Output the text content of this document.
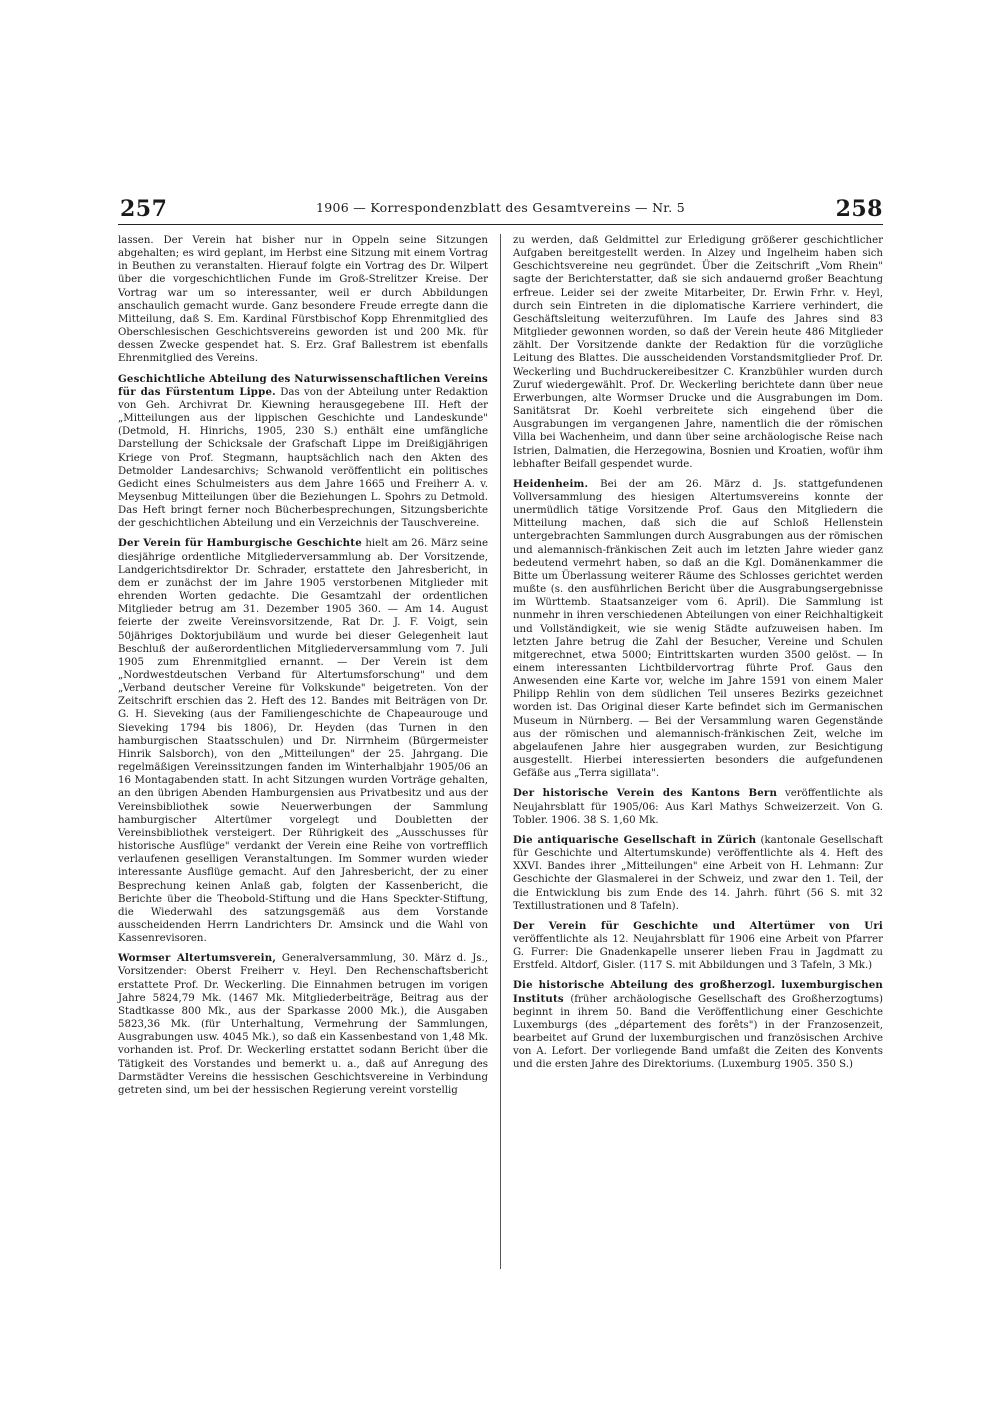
257	1906 — Korrespondenzblatt des Gesamtvereins — Nr. 5	258

lassen. Der Verein hat bisher nur in Oppeln seine Sitzungen abgehalten; es wird geplant, im Herbst eine Sitzung mit einem Vortrag in Beuthen zu veranstalten. Hierauf folgte ein Vortrag des Dr. Wilpert über die vorgeschichtlichen Funde im Groß-Strelitzer Kreise. Der Vortrag war um so interessanter, weil er durch Abbildungen anschaulich gemacht wurde. Ganz besondere Freude erregte dann die Mitteilung, daß S. Em. Kardinal Fürstbischof Kopp Ehrenmitglied des Oberschlesischen Geschichtsvereins geworden ist und 200 Mk. für dessen Zwecke gespendet hat. S. Erz. Graf Ballestrem ist ebenfalls Ehrenmitglied des Vereins.

Geschichtliche Abteilung des Naturwissenschaftlichen Vereins für das Fürstentum Lippe. Das von der Abteilung unter Redaktion von Geh. Archivrat Dr. Kiewning herausgegebene III. Heft der „Mitteilungen aus der lippischen Geschichte und Landeskunde" (Detmold, H. Hinrichs, 1905, 230 S.) enthält eine umfängliche Darstellung der Schicksale der Grafschaft Lippe im Dreißigjährigen Kriege von Prof. Stegmann, hauptsächlich nach den Akten des Detmolder Landesarchivs; Schwanold veröffentlicht ein politisches Gedicht eines Schulmeisters aus dem Jahre 1665 und Freiherr A. v. Meysenbug Mitteilungen über die Beziehungen L. Spohrs zu Detmold. Das Heft bringt ferner noch Bücherbesprechungen, Sitzungsberichte der geschichtlichen Abteilung und ein Verzeichnis der Tauschvereine.

Der Verein für Hamburgische Geschichte hielt am 26. März seine diesjährige ordentliche Mitgliederversammlung ab. Der Vorsitzende, Landgerichtsdirektor Dr. Schrader, erstattete den Jahresbericht, in dem er zunächst der im Jahre 1905 verstorbenen Mitglieder mit ehrenden Worten gedachte. Die Gesamtzahl der ordentlichen Mitglieder betrug am 31. Dezember 1905 360. — Am 14. August feierte der zweite Vereinsvorsitzende, Rat Dr. J. F. Voigt, sein 50jähriges Doktorjubiläum und wurde bei dieser Gelegenheit laut Beschluß der außerordentlichen Mitgliederversammlung vom 7. Juli 1905 zum Ehrenmitglied ernannt. — Der Verein ist dem „Nordwestdeutschen Verband für Altertumsforschung" und dem „Verband deutscher Vereine für Volkskunde" beigetreten. Von der Zeitschrift erschien das 2. Heft des 12. Bandes mit Beiträgen von Dr. G. H. Sieveking (aus der Familiengeschichte de Chapeaurouge und Sieveking 1794 bis 1806), Dr. Heyden (das Turnen in den hamburgischen Staatsschulen) und Dr. Nirrnheim (Bürgermeister Hinrik Salsborch), von den „Mitteilungen" der 25. Jahrgang. Die regelmäßigen Vereinssitzungen fanden im Winterhalbjahr 1905/06 an 16 Montagabenden statt. In acht Sitzungen wurden Vorträge gehalten, an den übrigen Abenden Hamburgensien aus Privatbesitz und aus der Vereinsbibliothek sowie Neuerwerbungen der Sammlung hamburgischer Altertümer vorgelegt und Doubletten der Vereinsbibliothek versteigert. Der Rührigkeit des „Ausschusses für historische Ausflüge" verdankt der Verein eine Reihe von vortrefflich verlaufenen geselligen Veranstaltungen. Im Sommer wurden wieder interessante Ausflüge gemacht. Auf den Jahresbericht, der zu einer Besprechung keinen Anlaß gab, folgten der Kassenbericht, die Berichte über die Theobold-Stiftung und die Hans Speckter-Stiftung, die Wiederwahl des satzungsgemäß aus dem Vorstande ausscheidenden Herrn Landrichters Dr. Amsinck und die Wahl von Kassenrevisoren.

Wormser Altertumsverein, Generalversammlung, 30. März d. Js., Vorsitzender: Oberst Freiherr v. Heyl. Den Rechenschaftsbericht erstattete Prof. Dr. Weckerling. Die Einnahmen betrugen im vorigen Jahre 5824,79 Mk. (1467 Mk. Mitgliederbeiträge, Beitrag aus der Stadtkasse 800 Mk., aus der Sparkasse 2000 Mk.), die Ausgaben 5823,36 Mk. (für Unterhaltung, Vermehrung der Sammlungen, Ausgrabungen usw. 4045 Mk.), so daß ein Kassenbestand von 1,48 Mk. vorhanden ist. Prof. Dr. Weckerling erstattet sodann Bericht über die Tätigkeit des Vorstandes und bemerkt u. a., daß auf Anregung des Darmstädter Vereins die hessischen Geschichtsvereine in Verbindung getreten sind, um bei der hessischen Regierung vereint vorstellig

zu werden, daß Geldmittel zur Erledigung größerer geschichtlicher Aufgaben bereitgestellt werden. In Alzey und Ingelheim haben sich Geschichtsvereine neu gegründet. Über die Zeitschrift „Vom Rhein" sagte der Berichterstatter, daß sie sich andauernd großer Beachtung erfreue. Leider sei der zweite Mitarbeiter, Dr. Erwin Frhr. v. Heyl, durch sein Eintreten in die diplomatische Karriere verhindert, die Geschäftsleitung weiterzuführen. Im Laufe des Jahres sind 83 Mitglieder gewonnen worden, so daß der Verein heute 486 Mitglieder zählt. Der Vorsitzende dankte der Redaktion für die vorzügliche Leitung des Blattes. Die ausscheidenden Vorstandsmitglieder Prof. Dr. Weckerling und Buchdruckereibesitzer C. Kranzbühler wurden durch Zuruf wiedergewählt. Prof. Dr. Weckerling berichtete dann über neue Erwerbungen, alte Wormser Drucke und die Ausgrabungen im Dom. Sanitätsrat Dr. Koehl verbreitete sich eingehend über die Ausgrabungen im vergangenen Jahre, namentlich die der römischen Villa bei Wachenheim, und dann über seine archäologische Reise nach Istrien, Dalmatien, die Herzegowina, Bosnien und Kroatien, wofür ihm lebhafter Beifall gespendet wurde.

Heidenheim. Bei der am 26. März d. Js. stattgefundenen Vollversammlung des hiesigen Altertumsvereins konnte der unermüdlich tätige Vorsitzende Prof. Gaus den Mitgliedern die Mitteilung machen, daß sich die auf Schloß Hellenstein untergebrachten Sammlungen durch Ausgrabungen aus der römischen und alemannisch-fränkischen Zeit auch im letzten Jahre wieder ganz bedeutend vermehrt haben, so daß an die Kgl. Domänenkammer die Bitte um Überlassung weiterer Räume des Schlosses gerichtet werden mußte (s. den ausführlichen Bericht über die Ausgrabungsergebnisse im Württemb. Staatsanzeiger vom 6. April). Die Sammlung ist nunmehr in ihren verschiedenen Abteilungen von einer Reichhaltigkeit und Vollständigkeit, wie sie wenig Städte aufzuweisen haben. Im letzten Jahre betrug die Zahl der Besucher, Vereine und Schulen mitgerechnet, etwa 5000; Eintrittskarten wurden 3500 gelöst. — In einem interessanten Lichtbildervortrag führte Prof. Gaus den Anwesenden eine Karte vor, welche im Jahre 1591 von einem Maler Philipp Rehlin von dem südlichen Teil unseres Bezirks gezeichnet worden ist. Das Original dieser Karte befindet sich im Germanischen Museum in Nürnberg. — Bei der Versammlung waren Gegenstände aus der römischen und alemannisch-fränkischen Zeit, welche im abgelaufenen Jahre hier ausgegraben wurden, zur Besichtigung ausgestellt. Hierbei interessierten besonders die aufgefundenen Gefäße aus „Terra sigillata".

Der historische Verein des Kantons Bern veröffentlichte als Neujahrsblatt für 1905/06: Aus Karl Mathys Schweizerzeit. Von G. Tobler. 1906. 38 S. 1,60 Mk.

Die antiquarische Gesellschaft in Zürich (kantonale Gesellschaft für Geschichte und Altertumskunde) veröffentlichte als 4. Heft des XXVI. Bandes ihrer „Mitteilungen" eine Arbeit von H. Lehmann: Zur Geschichte der Glasmalerei in der Schweiz, und zwar den 1. Teil, der die Entwicklung bis zum Ende des 14. Jahrh. führt (56 S. mit 32 Textillustrationen und 8 Tafeln).

Der Verein für Geschichte und Altertümer von Uri veröffentlichte als 12. Neujahrsblatt für 1906 eine Arbeit von Pfarrer G. Furrer: Die Gnadenkapelle unserer lieben Frau in Jagdmatt zu Erstfeld. Altdorf, Gisler. (117 S. mit Abbildungen und 3 Tafeln, 3 Mk.)

Die historische Abteilung des großherzogl. luxemburgischen Instituts (früher archäologische Gesellschaft des Großherzogtums) beginnt in ihrem 50. Band die Veröffentlichung einer Geschichte Luxemburgs (des „département des forêts") in der Franzosenzeit, bearbeitet auf Grund der luxemburgischen und französischen Archive von A. Lefort. Der vorliegende Band umfaßt die Zeiten des Konvents und die ersten Jahre des Direktoriums. (Luxemburg 1905. 350 S.)
